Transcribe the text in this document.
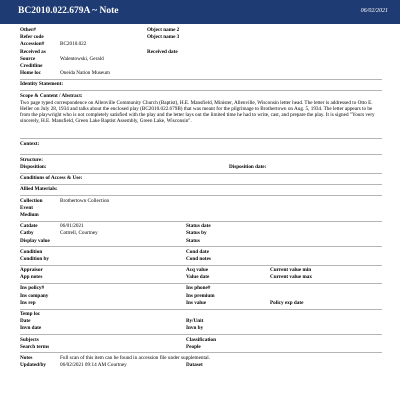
BC2010.022.679A ~ Note	06/02/2021
Other#	Object name 2
Refer code	Object name 3
Accession#	BC2010.022
Received as	Received date
Source	Walentowski, Gerald
Creditline
Home loc	Oneida Nation Museum
Identity Statement:
Scope & Content / Abstract:
Two page typed correspondence on Allenville Community Church (Baptist), H.E. Mansfield, Minister, Allenville, Wisconsin letter head. The letter is addressed to Otto E. Heller on July 28, 1934 and talks about the enclosed play (BC2010.022.679B) that was meant for the pilgrimage to Brothertown on Aug. 5, 1934. The letter appears to be from the playwright who is not completely satisfied with the play and the letter lays out the limited time he had to write, cast, and prepare the play. It is signed "Yours very sincerely, H.E. Mansfield, Green Lake Baptist Assembly, Green Lake, Wisconsin".
Context:
Structure:
Disposition:	Disposition date:
Conditions of Access & Use:
Allied Materials:
Collection	Brothertown Collection
Event
Medium
Catdate	06/01/2021	Status date
Catby	Cottrell, Courtney	Status by
Display value	Status
Condition	Cond date
Condition by	Cond notes
Appraisor	Acq value	Current value min
App notes	Value date	Current value max
Ins policy#	Ins phone#
Ins company	Ins premium
Ins rep	Ins value	Policy exp date
Temp loc
Date	By/Unit
Invn date	Invn by
Subjects	Classification
Search terms	People
Notes	Full scan of this item can be found in accession file under supplemental.
Updated/by	06/02/2021 09:14 AM Courtney	Dataset
